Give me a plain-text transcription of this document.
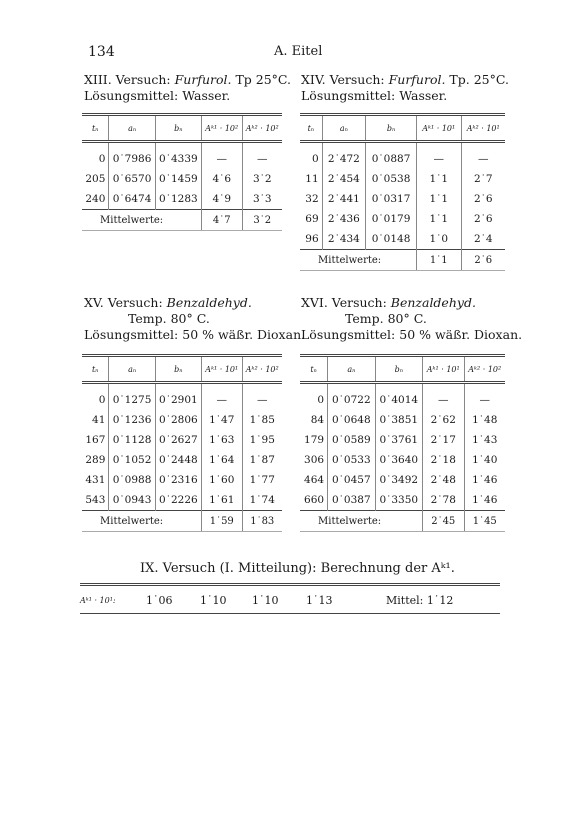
134	A. Eitel
XIII. Versuch: Furfurol. Tp 25°C.
Lösungsmittel: Wasser.
tₙ	aₙ	bₙ	Aᵏ¹ · 10²	Aᵏ² · 10²
0	0˙7986	0˙4339	—	—
205	0˙6570	0˙1459	4˙6	3˙2
240	0˙6474	0˙1283	4˙9	3˙3
Mittelwerte:			4˙7	3˙2
XIV. Versuch: Furfurol. Tp. 25°C.
Lösungsmittel: Wasser.
tₙ	aₙ	bₙ	Aᵏ¹ · 10¹	Aᵏ² · 10¹
0	2˙472	0˙0887	—	—
11	2˙454	0˙0538	1˙1	2˙7
32	2˙441	0˙0317	1˙1	2˙6
69	2˙436	0˙0179	1˙1	2˙6
96	2˙434	0˙0148	1˙0	2˙4
Mittelwerte:			1˙1	2˙6
XV. Versuch: Benzaldehyd.
Temp. 80° C.
Lösungsmittel: 50 % wäßr. Dioxan.
tₙ	aₙ	bₙ	Aᵏ¹ · 10¹	Aᵏ² · 10²
0	0˙1275	0˙2901	—	—
41	0˙1236	0˙2806	1˙47	1˙85
167	0˙1128	0˙2627	1˙63	1˙95
289	0˙1052	0˙2448	1˙64	1˙87
431	0˙0988	0˙2316	1˙60	1˙77
543	0˙0943	0˙2226	1˙61	1˙74
Mittelwerte:			1˙59	1˙83
XVI. Versuch: Benzaldehyd.
Temp. 80° C.
Lösungsmittel: 50 % wäßr. Dioxan.
tₙ	aₙ	bₙ	Aᵏ¹ · 10¹	Aᵏ² · 10²
0	0˙0722	0˙4014	—	—
84	0˙0648	0˙3851	2˙62	1˙48
179	0˙0589	0˙3761	2˙17	1˙43
306	0˙0533	0˙3640	2˙18	1˙40
464	0˙0457	0˙3492	2˙48	1˙46
660	0˙0387	0˙3350	2˙78	1˙46
Mittelwerte:			2˙45	1˙45
IX. Versuch (I. Mitteilung): Berechnung der Aᵏ¹.
Aᵏ¹ · 10¹:	1˙06	1˙10 1˙10	1˙13	Mittel: 1˙12
